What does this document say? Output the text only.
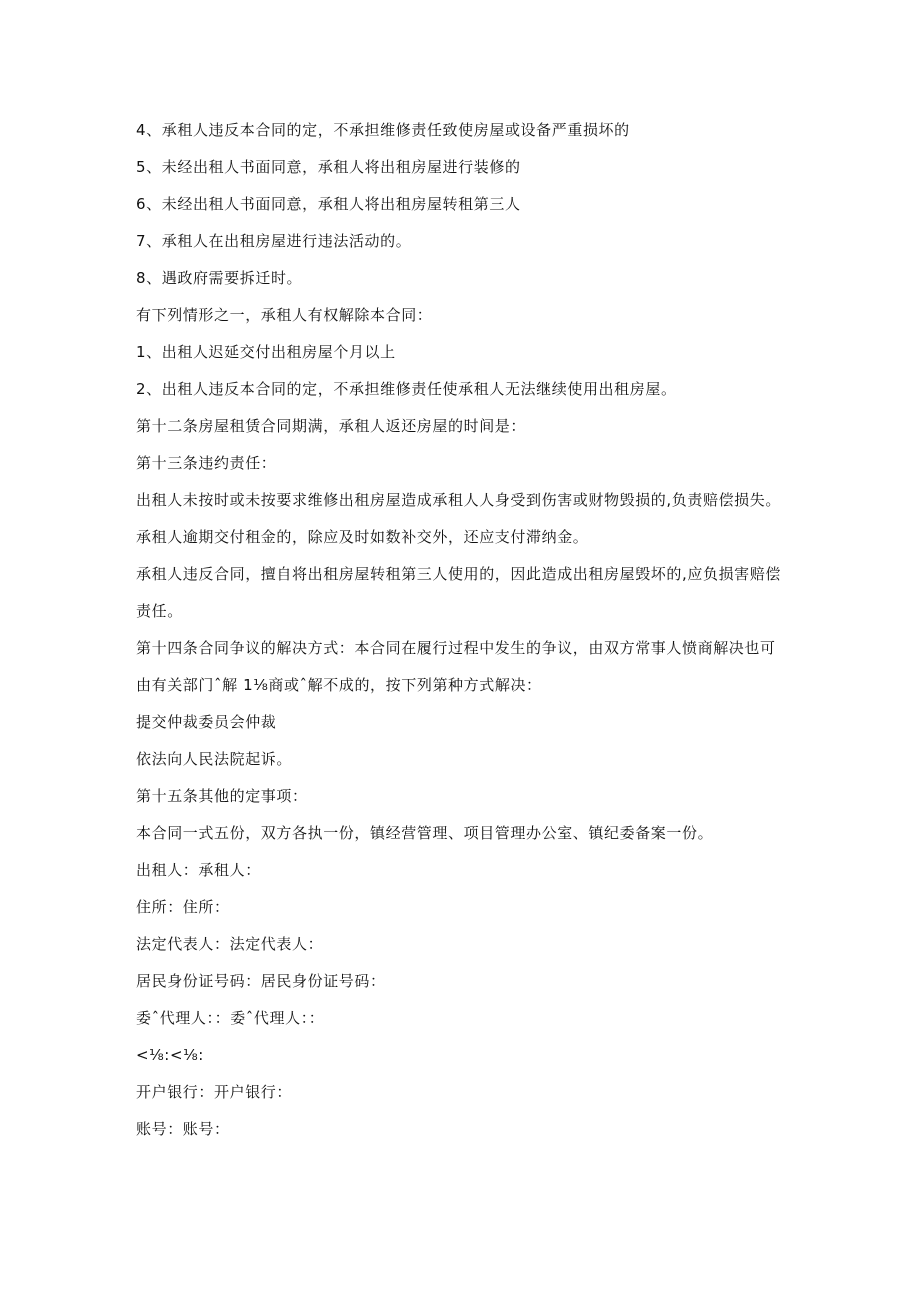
4、承租人违反本合同的定，不承担维修责任致使房屋或设备严重损坏的

5、未经出租人书面同意，承租人将出租房屋进行装修的

6、未经出租人书面同意，承租人将出租房屋转租第三人

7、承租人在出租房屋进行违法活动的。

8、遇政府需要拆迁时。

有下列情形之一，承租人有权解除本合同：

1、出租人迟延交付出租房屋个月以上

2、出租人违反本合同的定，不承担维修责任使承租人无法继续使用出租房屋。

第十二条房屋租赁合同期满，承租人返还房屋的时间是：

第十三条违约责任：

出租人未按时或未按要求维修出租房屋造成承租人人身受到伤害或财物毁损的,负责赔偿损失。

承租人逾期交付租金的，除应及时如数补交外，还应支付滞纳金。

承租人违反合同，擅自将出租房屋转租第三人使用的，因此造成出租房屋毁坏的,应负损害赔偿责任。

第十四条合同争议的解决方式：本合同在履行过程中发生的争议，由双方常事人愤商解决也可由有关部门ˆ解 1⅛商或ˆ解不成的，按下列第种方式解决：

提交仲裁委员会仲裁

依法向人民法院起诉。

第十五条其他的定事项：

本合同一式五份，双方各执一份，镇经营管理、项目管理办公室、镇纪委备案一份。

出租人：承租人：

住所：住所：

法定代表人：法定代表人：

居民身份证号码：居民身份证号码：

委ˆ代理人：：委ˆ代理人：：

<⅛:<⅛:

开户银行：开户银行：

账号：账号：
